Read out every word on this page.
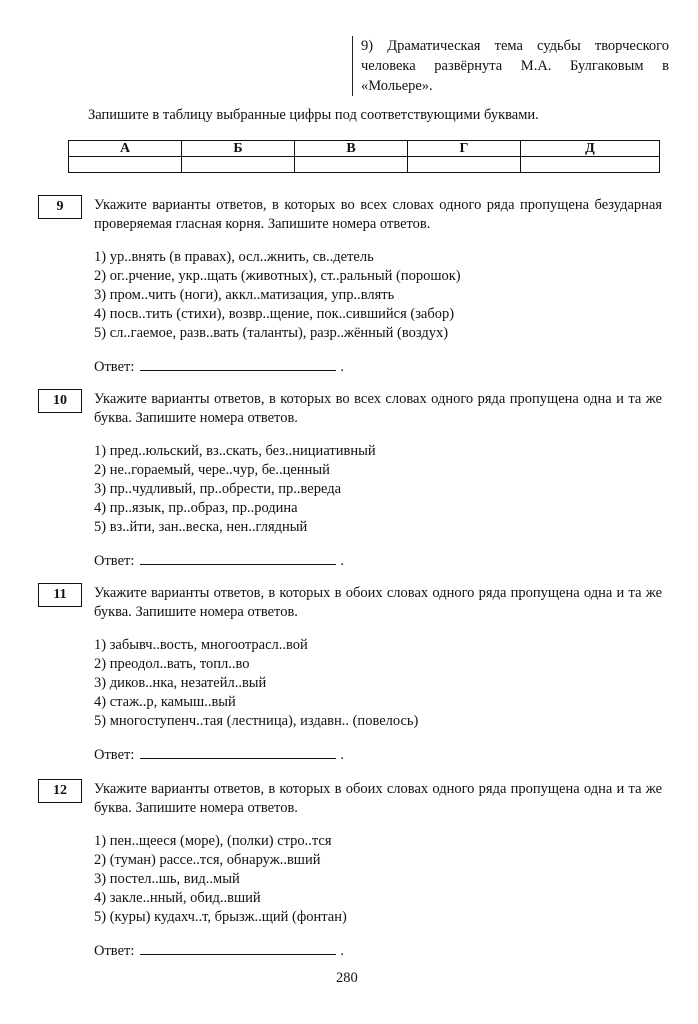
9) Драматическая тема судьбы творческого человека развёрнута М.А. Булгаковым в «Мольере».
Запишите в таблицу выбранные цифры под соответствующими буквами.
А	Б	В	Г	Д

9	Укажите варианты ответов, в которых во всех словах одного ряда пропущена безударная проверяемая гласная корня. Запишите номера ответов.
1) ур..внять (в правах), осл..жнить, св..детель
2) ог..рчение, укр..щать (животных), ст..ральный (порошок)
3) пром..чить (ноги), аккл..матизация, упр..влять
4) посв..тить (стихи), возвр..щение, пок..сившийся (забор)
5) сл..гаемое, разв..вать (таланты), разр..жённый (воздух)
Ответ:	.
10	Укажите варианты ответов, в которых во всех словах одного ряда пропущена одна и та же буква. Запишите номера ответов.
1) пред..юльский, вз..скать, без..нициативный
2) не..гораемый, чере..чур, бе..ценный
3) пр..чудливый, пр..обрести, пр..вереда
4) пр..язык, пр..образ, пр..родина
5) вз..йти, зан..веска, нен..глядный
Ответ:	.
11	Укажите варианты ответов, в которых в обоих словах одного ряда пропущена одна и та же буква. Запишите номера ответов.
1) забывч..вость, многоотрасл..вой
2) преодол..вать, топл..во
3) диков..нка, незатейл..вый
4) стаж..р, камыш..вый
5) многоступенч..тая (лестница), издавн.. (повелось)
Ответ:	.
12	Укажите варианты ответов, в которых в обоих словах одного ряда пропущена одна и та же буква. Запишите номера ответов.
1) пен..щееся (море), (полки) стро..тся
2) (туман) рассе..тся, обнаруж..вший
3) постел..шь, вид..мый
4) закле..нный, обид..вший
5) (куры) кудахч..т, брызж..щий (фонтан)
Ответ:	.
280
